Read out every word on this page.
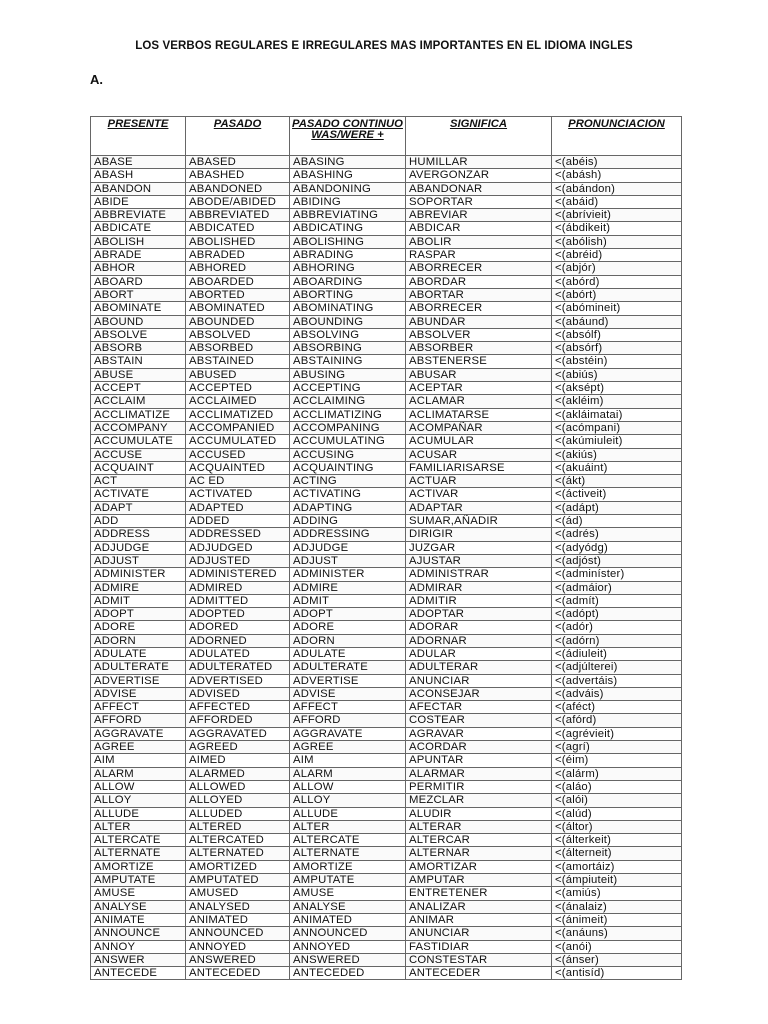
LOS VERBOS REGULARES E IRREGULARES MAS IMPORTANTES EN EL IDIOMA INGLES
A.
PRESENTE	PASADO	PASADO CONTINUO WAS/WERE +	SIGNIFICA	PRONUNCIACION
ABASE	ABASED	ABASING	HUMILLAR	<(abéis)
ABASH	ABASHED	ABASHING	AVERGONZAR	<(abásh)
ABANDON	ABANDONED	ABANDONING	ABANDONAR	<(abándon)
ABIDE	ABODE/ABIDED	ABIDING	SOPORTAR	<(abáid)
ABBREVIATE	ABBREVIATED	ABBREVIATING	ABREVIAR	<(abríviеit)
ABDICATE	ABDICATED	ABDICATING	ABDICAR	<(ábdikeit)
ABOLISH	ABOLISHED	ABOLISHING	ABOLIR	<(abólish)
ABRADE	ABRADED	ABRADING	RASPAR	<(abréid)
ABHOR	ABHORED	ABHORING	ABORRECER	<(abjór)
ABOARD	ABOARDED	ABOARDING	ABORDAR	<(abórd)
ABORT	ABORTED	ABORTING	ABORTAR	<(abórt)
ABOMINATE	ABOMINATED	ABOMINATING	ABORRECER	<(abómineit)
ABOUND	ABOUNDED	ABOUNDING	ABUNDAR	<(abáund)
ABSOLVE	ABSOLVED	ABSOLVING	ABSOLVER	<(absólf)
ABSORB	ABSORBED	ABSORBING	ABSORBER	<(absórf)
ABSTAIN	ABSTAINED	ABSTAINING	ABSTENERSE	<(abstéin)
ABUSE	ABUSED	ABUSING	ABUSAR	<(abiús)
ACCEPT	ACCEPTED	ACCEPTING	ACEPTAR	<(aksépt)
ACCLAIM	ACCLAIMED	ACCLAIMING	ACLAMAR	<(akléim)
ACCLIMATIZE	ACCLIMATIZED	ACCLIMATIZING	ACLIMATARSE	<(akláimatai)
ACCOMPANY	ACCOMPANIED	ACCOMPANING	ACOMPAÑAR	<(acómpani)
ACCUMULATE	ACCUMULATED	ACCUMULATING	ACUMULAR	<(akúmiuleit)
ACCUSE	ACCUSED	ACCUSING	ACUSAR	<(akiús)
ACQUAINT	ACQUAINTED	ACQUAINTING	FAMILIARISARSE	<(akuáint)
ACT	AC ED	ACTING	ACTUAR	<(ákt)
ACTIVATE	ACTIVATED	ACTIVATING	ACTIVAR	<(áctiveit)
ADAPT	ADAPTED	ADAPTING	ADAPTAR	<(adápt)
ADD	ADDED	ADDING	SUMAR,AÑADIR	<(ád)
ADDRESS	ADDRESSED	ADDRESSING	DIRIGIR	<(adrés)
ADJUDGE	ADJUDGED	ADJUDGE	JUZGAR	<(adyódg)
ADJUST	ADJUSTED	ADJUST	AJUSTAR	<(adjóst)
ADMINISTER	ADMINISTERED	ADMINISTER	ADMINISTRAR	<(adminíster)
ADMIRE	ADMIRED	ADMIRE	ADMIRAR	<(admáior)
ADMIT	ADMITTED	ADMIT	ADMITIR	<(admít)
ADOPT	ADOPTED	ADOPT	ADOPTAR	<(adópt)
ADORE	ADORED	ADORE	ADORAR	<(adór)
ADORN	ADORNED	ADORN	ADORNAR	<(adórn)
ADULATE	ADULATED	ADULATE	ADULAR	<(ádiuleit)
ADULTERATE	ADULTERATED	ADULTERATE	ADULTERAR	<(adjúlterei)
ADVERTISE	ADVERTISED	ADVERTISE	ANUNCIAR	<(advertáis)
ADVISE	ADVISED	ADVISE	ACONSEJAR	<(adváis)
AFFECT	AFFECTED	AFFECT	AFECTAR	<(aféct)
AFFORD	AFFORDED	AFFORD	COSTEAR	<(afórd)
AGGRAVATE	AGGRAVATED	AGGRAVATE	AGRAVAR	<(agréviеit)
AGREE	AGREED	AGREE	ACORDAR	<(agrí)
AIM	AIMED	AIM	APUNTAR	<(éim)
ALARM	ALARMED	ALARM	ALARMAR	<(alárm)
ALLOW	ALLOWED	ALLOW	PERMITIR	<(aláo)
ALLOY	ALLOYED	ALLOY	MEZCLAR	<(alói)
ALLUDE	ALLUDED	ALLUDE	ALUDIR	<(alúd)
ALTER	ALTERED	ALTER	ALTERAR	<(áltor)
ALTERCATE	ALTERCATED	ALTERCATE	ALTERCAR	<(álterkeit)
ALTERNATE	ALTERNATED	ALTERNATE	ALTERNAR	<(álterneit)
AMORTIZE	AMORTIZED	AMORTIZE	AMORTIZAR	<(amortáiz)
AMPUTATE	AMPUTATED	AMPUTATE	AMPUTAR	<(ámpiuteit)
AMUSE	AMUSED	AMUSE	ENTRETENER	<(amiús)
ANALYSE	ANALYSED	ANALYSE	ANALIZAR	<(ánalaiz)
ANIMATE	ANIMATED	ANIMATED	ANIMAR	<(ánimeit)
ANNOUNCE	ANNOUNCED	ANNOUNCED	ANUNCIAR	<(anáuns)
ANNOY	ANNOYED	ANNOYED	FASTIDIAR	<(anói)
ANSWER	ANSWERED	ANSWERED	CONSTESTAR	<(ánser)
ANTECEDE	ANTECEDED	ANTECEDED	ANTECEDER	<(antisíd)
